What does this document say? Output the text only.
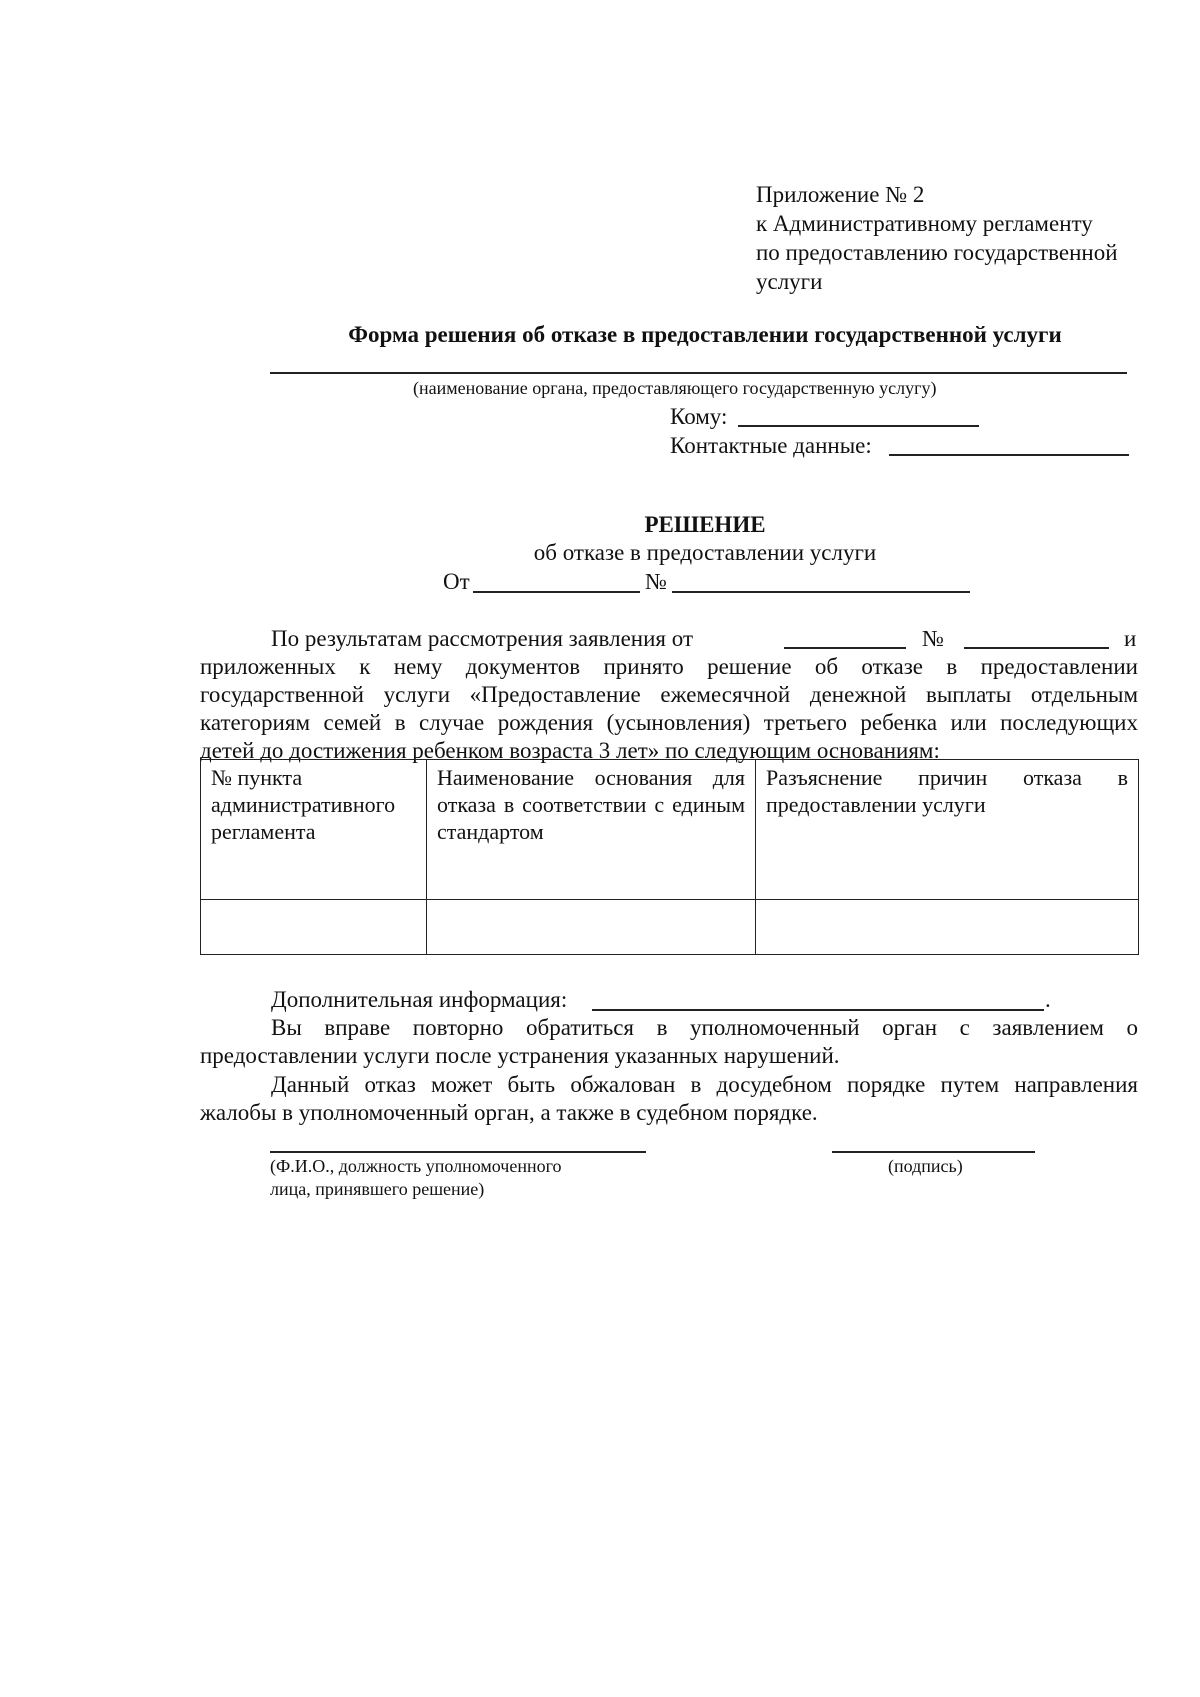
Приложение № 2
к Административному регламенту
по предоставлению государственной
услуги
Форма решения об отказе в предоставлении государственной услуги
(наименование органа, предоставляющего государственную услугу)
Кому:
Контактные данные:
РЕШЕНИЕ
об отказе в предоставлении услуги
От	№
По результатам рассмотрения заявления от	№	и
приложенных к нему документов принято решение об отказе в предоставлении
государственной услуги «Предоставление ежемесячной денежной выплаты отдельным
категориям семей в случае рождения (усыновления) третьего ребенка или последующих
детей до достижения ребенком возраста 3 лет» по следующим основаниям:
№ пункта административного регламента	Наименование основания для отказа в соответствии с единым стандартом	Разъяснение причин отказа в предоставлении услуги

Дополнительная информация:	.
Вы вправе повторно обратиться в уполномоченный орган с заявлением о
предоставлении услуги после устранения указанных нарушений.
Данный отказ может быть обжалован в досудебном порядке путем направления
жалобы в уполномоченный орган, а также в судебном порядке.
(Ф.И.О., должность уполномоченного
лица, принявшего решение)
(подпись)
